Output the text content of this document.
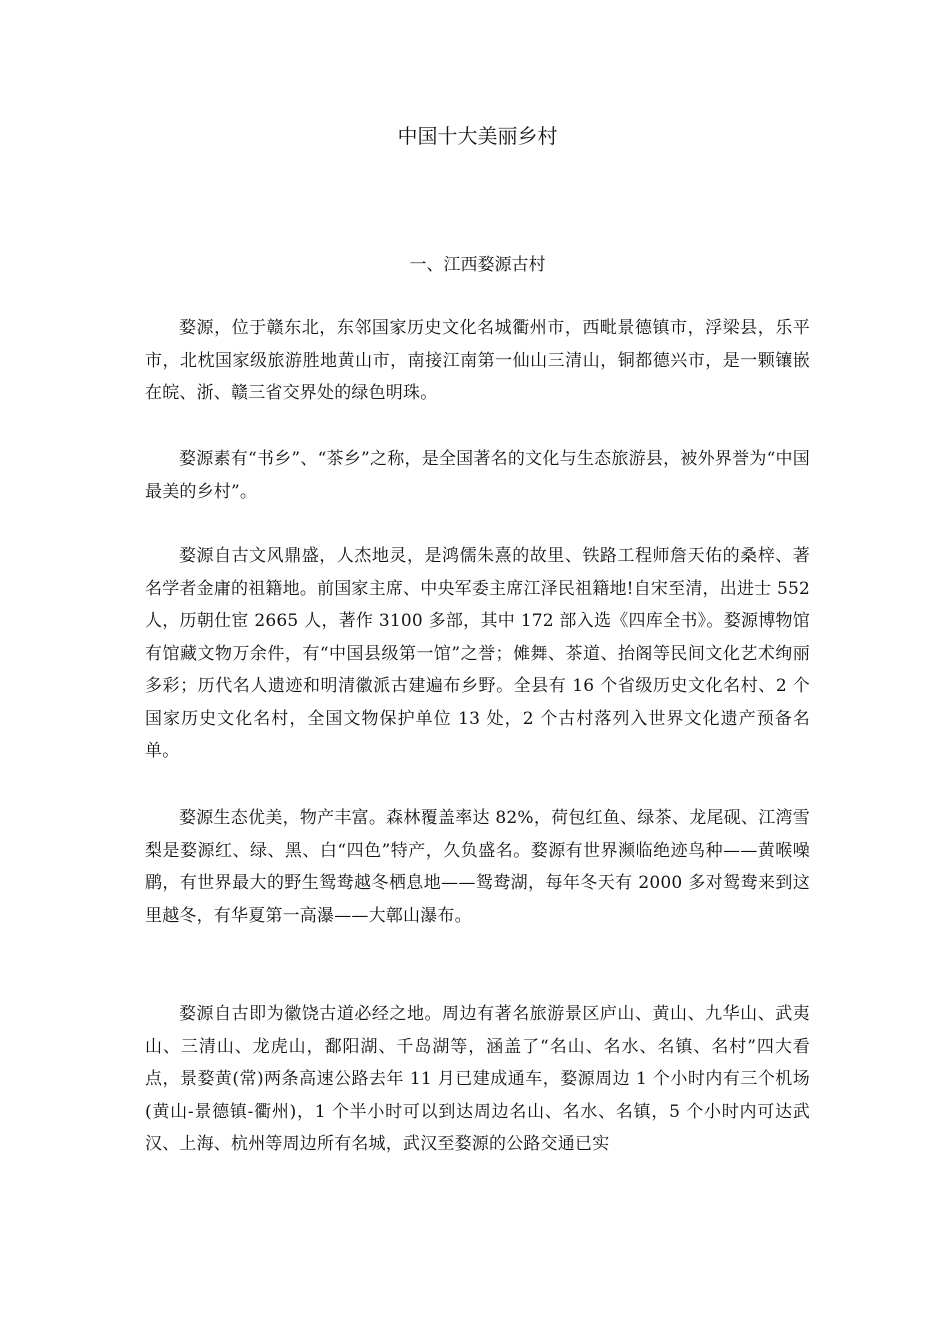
中国十大美丽乡村
一、江西婺源古村

婺源，位于赣东北，东邻国家历史文化名城衢州市，西毗景德镇市，浮梁县，乐平市，北枕国家级旅游胜地黄山市，南接江南第一仙山三清山，铜都德兴市，是一颗镶嵌在皖、浙、赣三省交界处的绿色明珠。

婺源素有“书乡”、“茶乡”之称，是全国著名的文化与生态旅游县，被外界誉为“中国最美的乡村”。

婺源自古文风鼎盛，人杰地灵，是鸿儒朱熹的故里、铁路工程师詹天佑的桑梓、著名学者金庸的祖籍地。前国家主席、中央军委主席江泽民祖籍地!自宋至清，出进士 552 人，历朝仕宦 2665 人，著作 3100 多部，其中 172 部入选《四库全书》。婺源博物馆有馆藏文物万余件，有“中国县级第一馆”之誉；傩舞、茶道、抬阁等民间文化艺术绚丽多彩；历代名人遗迹和明清徽派古建遍布乡野。全县有 16 个省级历史文化名村、2 个国家历史文化名村，全国文物保护单位 13 处，2 个古村落列入世界文化遗产预备名单。

婺源生态优美，物产丰富。森林覆盖率达 82%，荷包红鱼、绿茶、龙尾砚、江湾雪梨是婺源红、绿、黑、白“四色”特产，久负盛名。婺源有世界濒临绝迹鸟种——黄喉噪鹛，有世界最大的野生鸳鸯越冬栖息地——鸳鸯湖，每年冬天有 2000 多对鸳鸯来到这里越冬，有华夏第一高瀑——大鄣山瀑布。

婺源自古即为徽饶古道必经之地。周边有著名旅游景区庐山、黄山、九华山、武夷山、三清山、龙虎山，鄱阳湖、千岛湖等，涵盖了“名山、名水、名镇、名村”四大看点，景婺黄(常)两条高速公路去年 11 月已建成通车，婺源周边 1 个小时内有三个机场(黄山-景德镇-衢州)，1 个半小时可以到达周边名山、名水、名镇，5 个小时内可达武汉、上海、杭州等周边所有名城，武汉至婺源的公路交通已实
